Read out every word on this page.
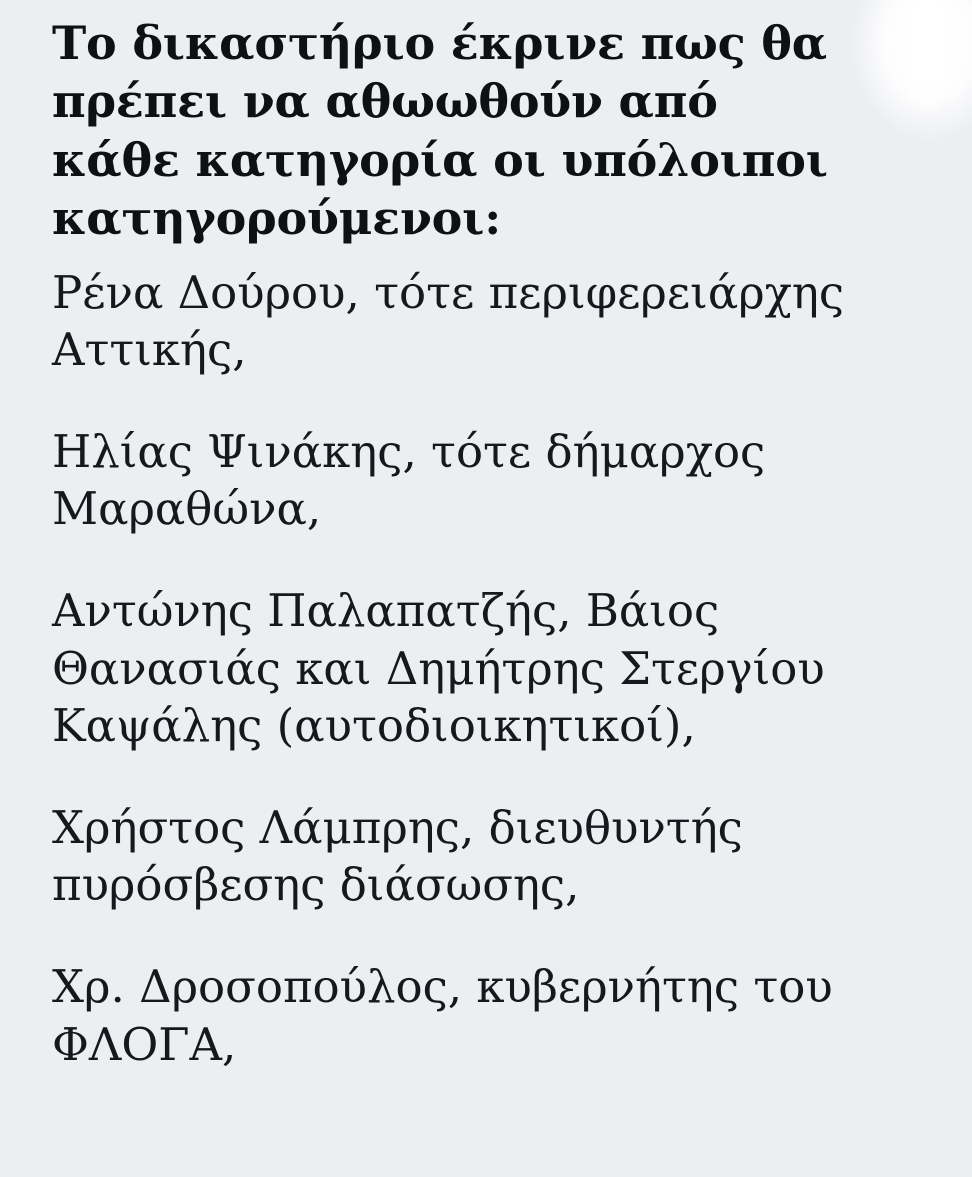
Το δικαστήριο έκρινε πως θα πρέπει να αθωωθούν από κάθε κατηγορία οι υπόλοιποι κατηγορούμενοι:

Ρένα Δούρου, τότε περιφερειάρχης Αττικής,

Ηλίας Ψινάκης, τότε δήμαρχος Μαραθώνα,

Αντώνης Παλαπατζής, Βάιος Θανασιάς και Δημήτρης Στεργίου Καψάλης (αυτοδιοικητικοί),

Χρήστος Λάμπρης, διευθυντής πυρόσβεσης διάσωσης,

Χρ. Δροσοπούλος, κυβερνήτης του ΦΛΟΓΑ,
